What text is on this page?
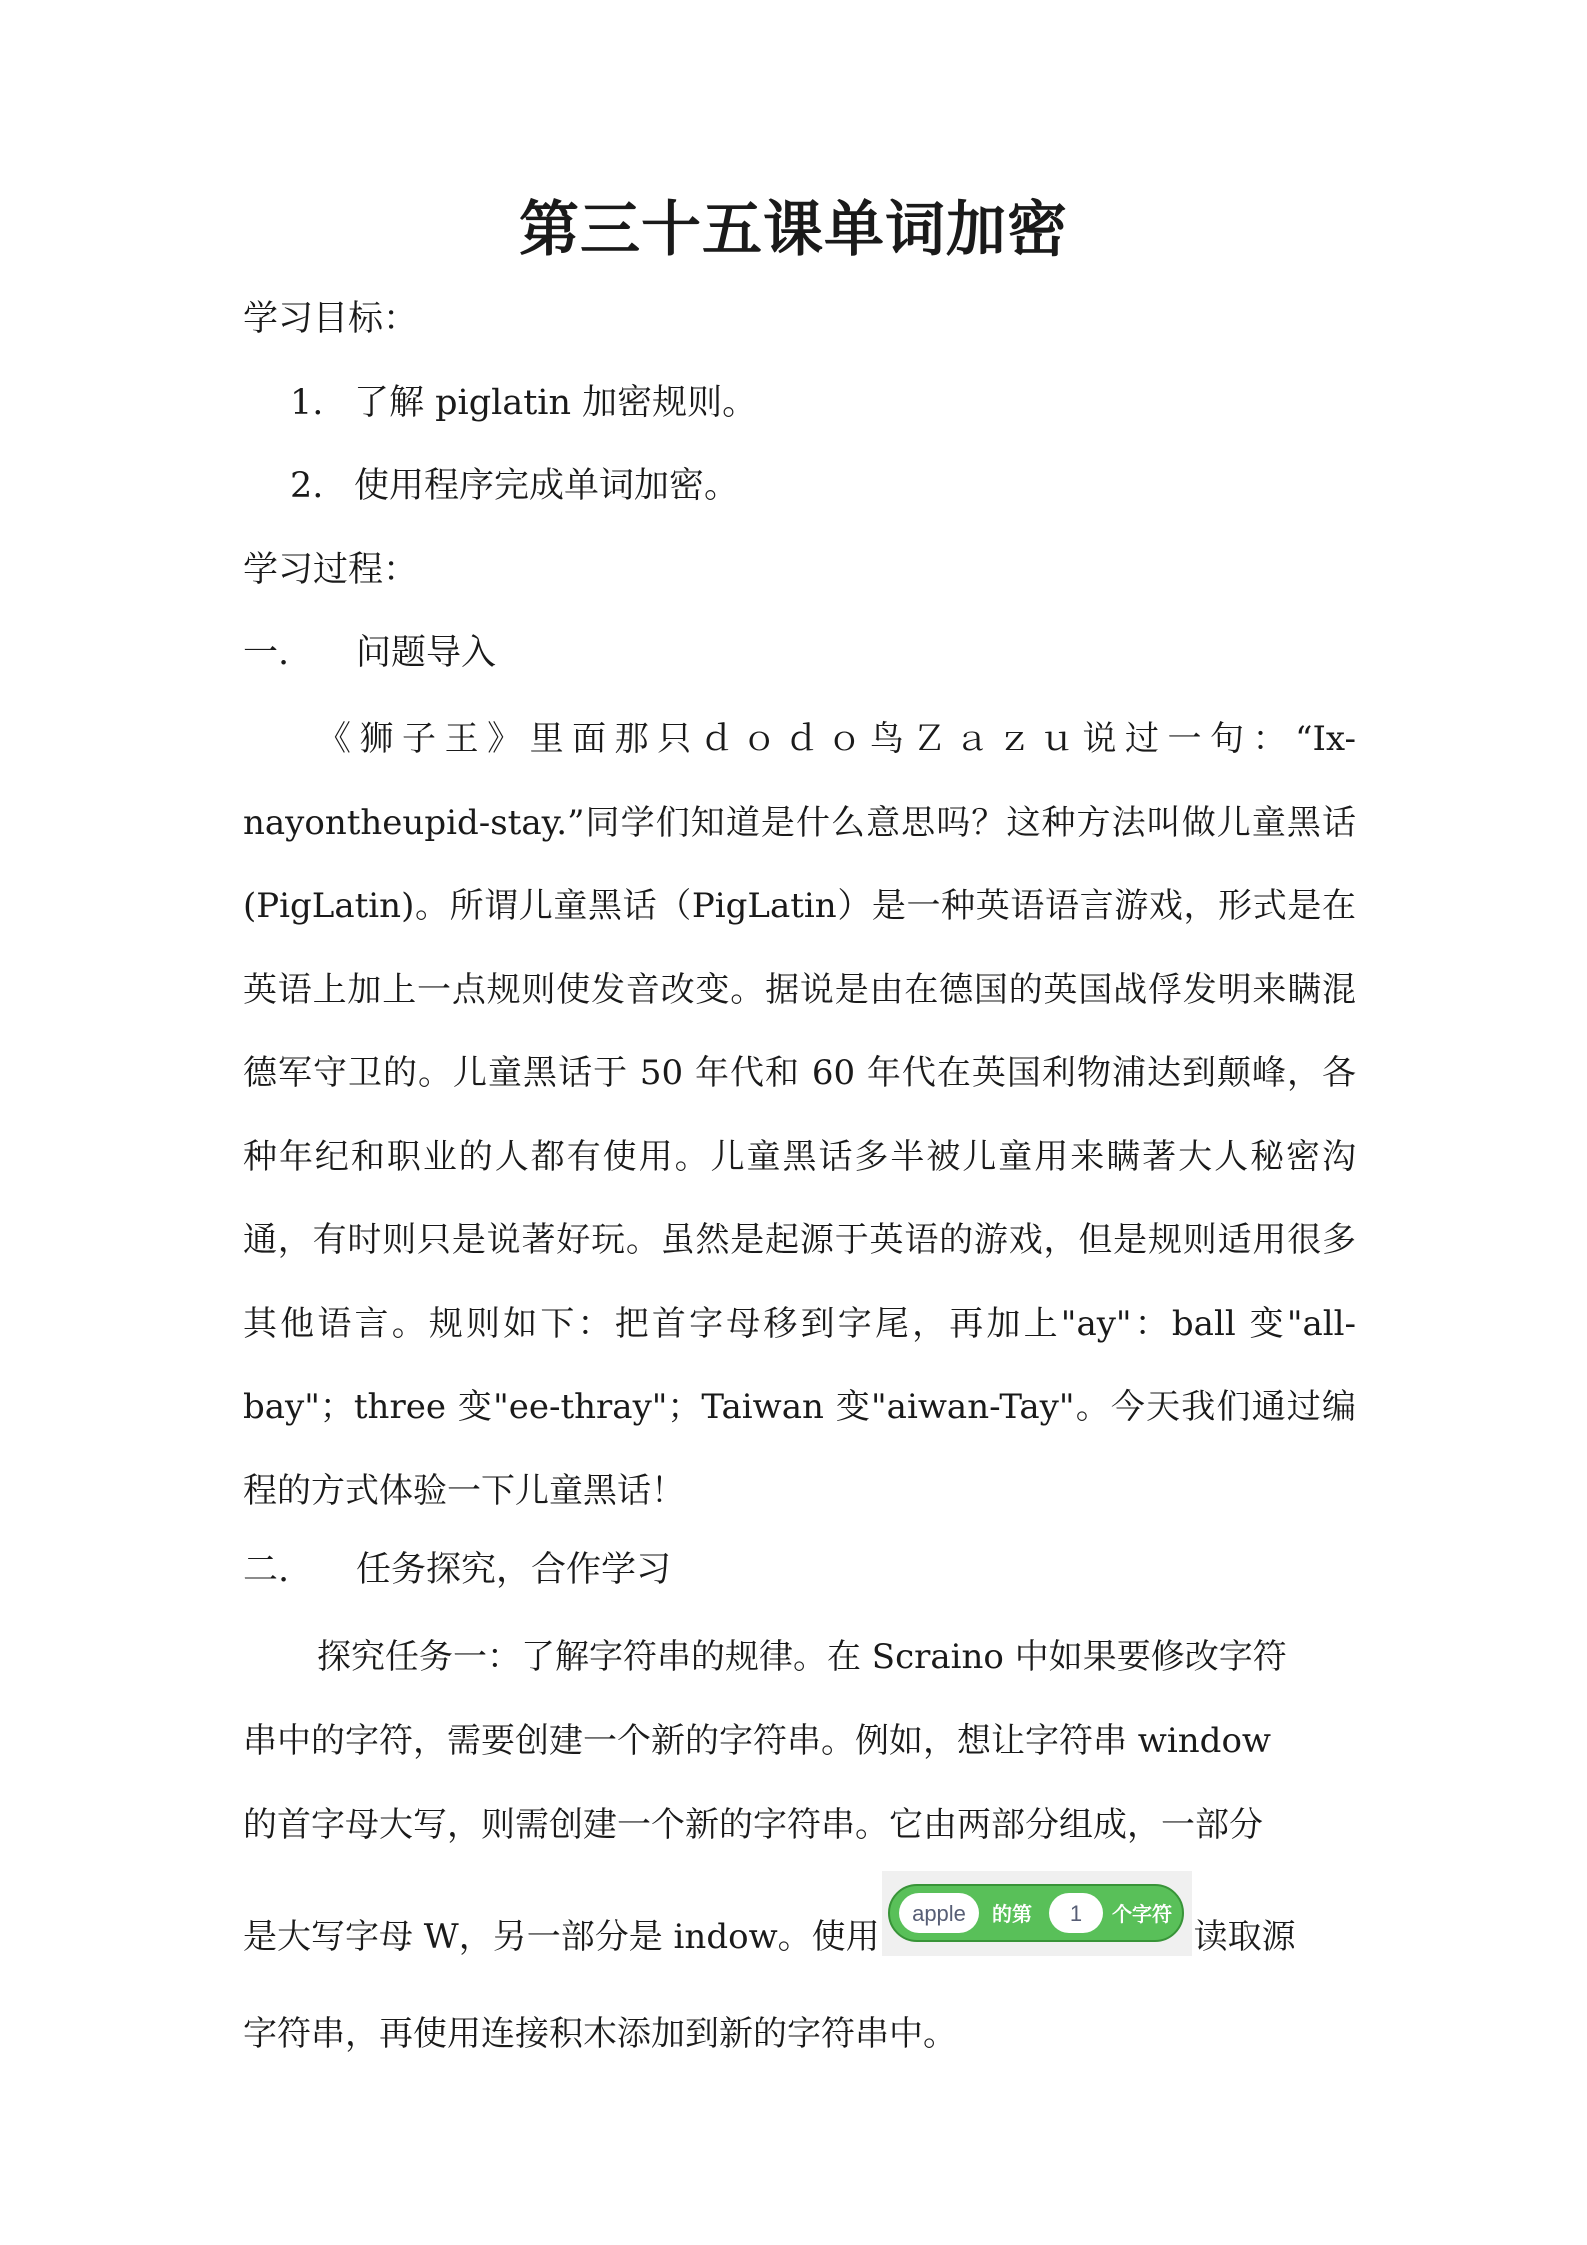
第三十五课单词加密
学习目标：
1. 了解 piglatin 加密规则。
2. 使用程序完成单词加密。
学习过程：
一. 问题导入
《狮子王》里面那只ｄｏｄｏ鸟Ｚａｚｕ说过一句：“Ix-nayontheupid-stay.”同学们知道是什么意思吗？这种方法叫做儿童黑话(PigLatin)。所谓儿童黑话（PigLatin）是一种英语语言游戏，形式是在英语上加上一点规则使发音改变。据说是由在德国的英国战俘发明来瞒混德军守卫的。儿童黑话于 50 年代和 60 年代在英国利物浦达到颠峰，各种年纪和职业的人都有使用。儿童黑话多半被儿童用来瞒著大人秘密沟通，有时则只是说著好玩。虽然是起源于英语的游戏，但是规则适用很多其他语言。规则如下：把首字母移到字尾，再加上"ay"：ball 变"all-bay"；three 变"ee-thray"；Taiwan 变"aiwan-Tay"。今天我们通过编程的方式体验一下儿童黑话！
二. 任务探究，合作学习
探究任务一：了解字符串的规律。在 Scraino 中如果要修改字符
串中的字符，需要创建一个新的字符串。例如，想让字符串 window
的首字母大写，则需创建一个新的字符串。它由两部分组成，一部分
是大写字母 W，另一部分是 indow。使用
apple 的第 1 个字符
读取源
字符串，再使用连接积木添加到新的字符串中。
